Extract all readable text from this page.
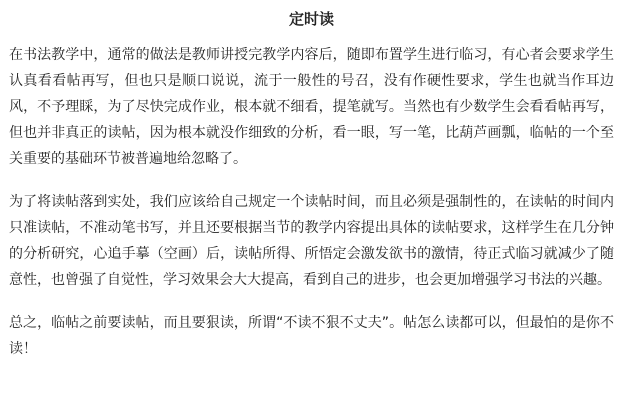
定时读

在书法教学中，通常的做法是教师讲授完教学内容后，随即布置学生进行临习，有心者会要求学生认真看看帖再写，但也只是顺口说说，流于一般性的号召，没有作硬性要求，学生也就当作耳边风，不予理睬，为了尽快完成作业，根本就不细看，提笔就写。当然也有少数学生会看看帖再写，但也并非真正的读帖，因为根本就没作细致的分析，看一眼，写一笔，比葫芦画瓢，临帖的一个至关重要的基础环节被普遍地给忽略了。

为了将读帖落到实处，我们应该给自己规定一个读帖时间，而且必须是强制性的，在读帖的时间内只准读帖，不准动笔书写，并且还要根据当节的教学内容提出具体的读帖要求，这样学生在几分钟的分析研究，心追手摹（空画）后，读帖所得、所悟定会激发欲书的激情，待正式临习就减少了随意性，也曾强了自觉性，学习效果会大大提高，看到自己的进步，也会更加增强学习书法的兴趣。

总之，临帖之前要读帖，而且要狠读，所谓“不读不狠不丈夫”。帖怎么读都可以，但最怕的是你不读！
